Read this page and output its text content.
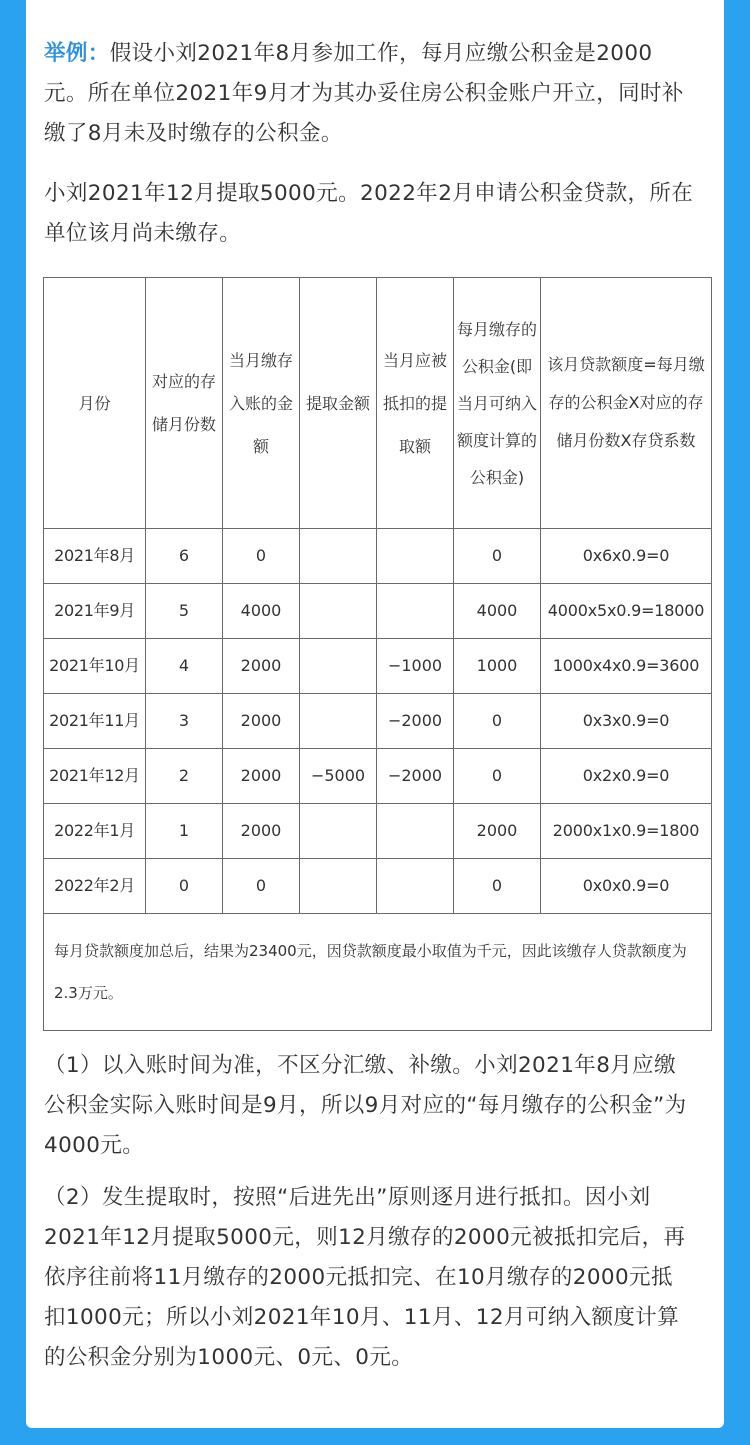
举例：假设小刘2021年8月参加工作，每月应缴公积金是2000元。所在单位2021年9月才为其办妥住房公积金账户开立，同时补缴了8月未及时缴存的公积金。

小刘2021年12月提取5000元。2022年2月申请公积金贷款，所在单位该月尚未缴存。

月份	对应的存储月份数	当月缴存入账的金额	提取金额	当月应被抵扣的提取额	每月缴存的公积金(即当月可纳入额度计算的公积金)	该月贷款额度=每月缴存的公积金X对应的存储月份数X存贷系数
2021年8月	6	0			0	0x6x0.9=0
2021年9月	5	4000			4000	4000x5x0.9=18000
2021年10月	4	2000		−1000	1000	1000x4x0.9=3600
2021年11月	3	2000		−2000	0	0x3x0.9=0
2021年12月	2	2000	−5000	−2000	0	0x2x0.9=0
2022年1月	1	2000			2000	2000x1x0.9=1800
2022年2月	0	0			0	0x0x0.9=0
每月贷款额度加总后，结果为23400元，因贷款额度最小取值为千元，因此该缴存人贷款额度为2.3万元。						

（1）以入账时间为准，不区分汇缴、补缴。小刘2021年8月应缴公积金实际入账时间是9月，所以9月对应的“每月缴存的公积金”为4000元。

（2）发生提取时，按照“后进先出”原则逐月进行抵扣。因小刘2021年12月提取5000元，则12月缴存的2000元被抵扣完后，再依序往前将11月缴存的2000元抵扣完、在10月缴存的2000元抵扣1000元；所以小刘2021年10月、11月、12月可纳入额度计算的公积金分别为1000元、0元、0元。
